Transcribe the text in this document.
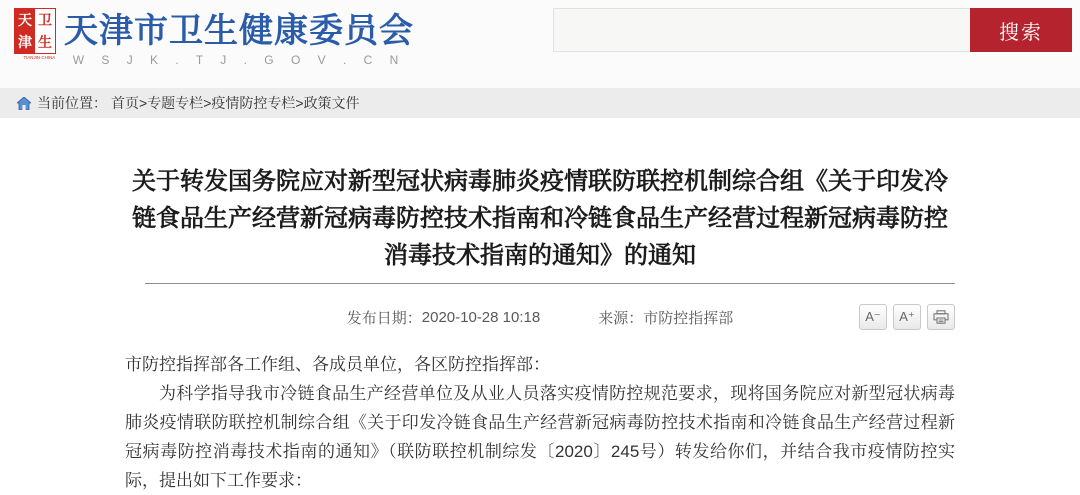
天 卫
津 生
TIANJIN·CHINA
天津市卫生健康委员会
W S J K . T J . G O V . C N
搜索
当前位置： 首页 > 专题专栏 > 疫情防控专栏 > 政策文件
关于转发国务院应对新型冠状病毒肺炎疫情联防联控机制综合组《关于印发冷链食品生产经营新冠病毒防控技术指南和冷链食品生产经营过程新冠病毒防控消毒技术指南的通知》的通知
发布日期： 2020-10-28 10:18	来源： 市防控指挥部	A⁻	A⁺

市防控指挥部各工作组、各成员单位，各区防控指挥部：

为科学指导我市冷链食品生产经营单位及从业人员落实疫情防控规范要求，现将国务院应对新型冠状病毒肺炎疫情联防联控机制综合组《关于印发冷链食品生产经营新冠病毒防控技术指南和冷链食品生产经营过程新冠病毒防控消毒技术指南的通知》（联防联控机制综发〔2020〕245号）转发给你们，并结合我市疫情防控实际，提出如下工作要求：
